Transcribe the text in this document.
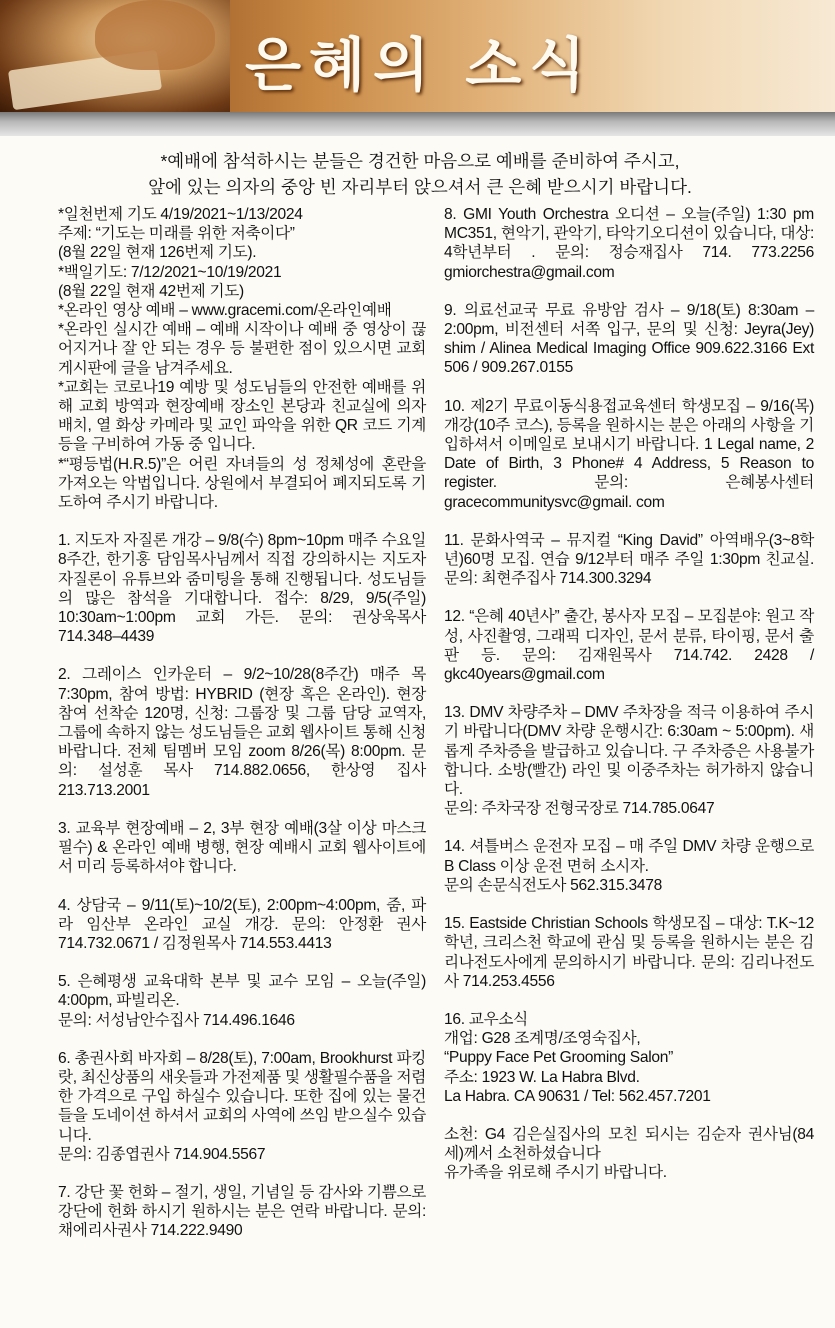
은혜의 소식

*예배에 참석하시는 분들은 경건한 마음으로 예배를 준비하여 주시고,
앞에 있는 의자의 중앙 빈 자리부터 앉으셔서 큰 은혜 받으시기 바랍니다.

*일천번제 기도 4/19/2021~1/13/2024
주제: “기도는 미래를 위한 저축이다”
(8월 22일 현재 126번제 기도).
*백일기도: 7/12/2021~10/19/2021
(8월 22일 현재 42번제 기도)
*온라인 영상 예배 – www.gracemi.com/온라인예배
*온라인 실시간 예배 – 예배 시작이나 예배 중 영상이 끊어지거나 잘 안 되는 경우 등 불편한 점이 있으시면 교회 게시판에 글을 남겨주세요.
*교회는 코로나19 예방 및 성도님들의 안전한 예배를 위해 교회 방역과 현장예배 장소인 본당과 친교실에 의자 배치, 열 화상 카메라 및 교인 파악을 위한 QR 코드 기계 등을 구비하여 가동 중 입니다.
*“평등법(H.R.5)”은 어린 자녀들의 성 정체성에 혼란을 가져오는 악법입니다. 상원에서 부결되어 폐지되도록 기도하여 주시기 바랍니다.

1. 지도자 자질론 개강 – 9/8(수) 8pm~10pm 매주 수요일 8주간, 한기홍 담임목사님께서 직접 강의하시는 지도자 자질론이 유튜브와 줌미팅을 통해 진행됩니다. 성도님들의 많은 참석을 기대합니다. 접수: 8/29, 9/5(주일) 10:30am~1:00pm 교회 가든. 문의: 권상욱목사 714.348–4439

2. 그레이스 인카운터 – 9/2~10/28(8주간) 매주 목 7:30pm, 참여 방법: HYBRID (현장 혹은 온라인). 현장 참여 선착순 120명, 신청: 그룹장 및 그룹 담당 교역자, 그룹에 속하지 않는 성도님들은 교회 웹사이트 통해 신청 바랍니다. 전체 팀멤버 모임 zoom 8/26(목) 8:00pm. 문의: 설성훈 목사 714.882.0656, 한상영 집사 213.713.2001

3. 교육부 현장예배 – 2, 3부 현장 예배(3살 이상 마스크 필수) & 온라인 예배 병행, 현장 예배시 교회 웹사이트에서 미리 등록하셔야 합니다.

4. 상담국 – 9/11(토)~10/2(토), 2:00pm~4:00pm, 줌, 파라 임산부 온라인 교실 개강. 문의: 안정환 권사 714.732.0671 / 김정원목사 714.553.4413

5. 은혜평생 교육대학 본부 및 교수 모임 – 오늘(주일) 4:00pm, 파빌리온.
문의: 서성남안수집사 714.496.1646

6. 총권사회 바자회 – 8/28(토), 7:00am, Brookhurst 파킹랏, 최신상품의 새옷들과 가전제품 및 생활필수품을 저렴한 가격으로 구입 하실수 있습니다. 또한 집에 있는 물건들을 도네이션 하셔서 교회의 사역에 쓰임 받으실수 있습니다.
문의: 김종엽권사 714.904.5567

7. 강단 꽃 헌화 – 절기, 생일, 기념일 등 감사와 기쁨으로 강단에 헌화 하시기 원하시는 분은 연락 바랍니다. 문의: 채에리사권사 714.222.9490

8. GMI Youth Orchestra 오디션 – 오늘(주일) 1:30 pm MC351, 현악기, 관악기, 타악기오디션이 있습니다, 대상: 4학년부터 . 문의: 정승재집사 714. 773.2256 gmiorchestra@gmail.com

9. 의료선교국 무료 유방암 검사 – 9/18(토) 8:30am –2:00pm, 비전센터 서쪽 입구, 문의 및 신청: Jeyra(Jey) shim / Alinea Medical Imaging Office 909.622.3166 Ext 506 / 909.267.0155

10. 제2기 무료이동식용접교육센터 학생모집 – 9/16(목)개강(10주 코스), 등록을 원하시는 분은 아래의 사항을 기입하셔서 이메일로 보내시기 바랍니다. 1 Legal name, 2 Date of Birth, 3 Phone# 4 Address, 5 Reason to register. 문의: 은혜봉사센터 gracecommunitysvc@gmail. com

11. 문화사역국 – 뮤지컬 “King David” 아역배우(3~8학년)60명 모집. 연습 9/12부터 매주 주일 1:30pm 친교실. 문의: 최현주집사 714.300.3294

12. “은혜 40년사” 출간, 봉사자 모집 – 모집분야: 원고 작성, 사진촬영, 그래픽 디자인, 문서 분류, 타이핑, 문서 출판 등. 문의: 김재원목사 714.742. 2428 / gkc40years@gmail.com

13. DMV 차량주차 – DMV 주차장을 적극 이용하여 주시기 바랍니다(DMV 차량 운행시간: 6:30am ~ 5:00pm). 새롭게 주차증을 발급하고 있습니다. 구 주차증은 사용불가합니다. 소방(빨간) 라인 및 이중주차는 허가하지 않습니다.
문의: 주차국장 전형국장로 714.785.0647

14. 셔틀버스 운전자 모집 – 매 주일 DMV 차량 운행으로 B Class 이상 운전 면허 소시자.
문의 손문식전도사 562.315.3478

15. Eastside Christian Schools 학생모집 – 대상: T.K~12학년, 크리스천 학교에 관심 및 등록을 원하시는 분은 김리나전도사에게 문의하시기 바랍니다. 문의: 김리나전도사 714.253.4556

16. 교우소식
개업: G28 조계명/조영숙집사,
“Puppy Face Pet Grooming Salon”
주소: 1923 W. La Habra Blvd.
La Habra. CA 90631 / Tel: 562.457.7201

소천: G4 김은실집사의 모친 되시는 김순자 권사님(84세)께서 소천하셨습니다
유가족을 위로해 주시기 바랍니다.
